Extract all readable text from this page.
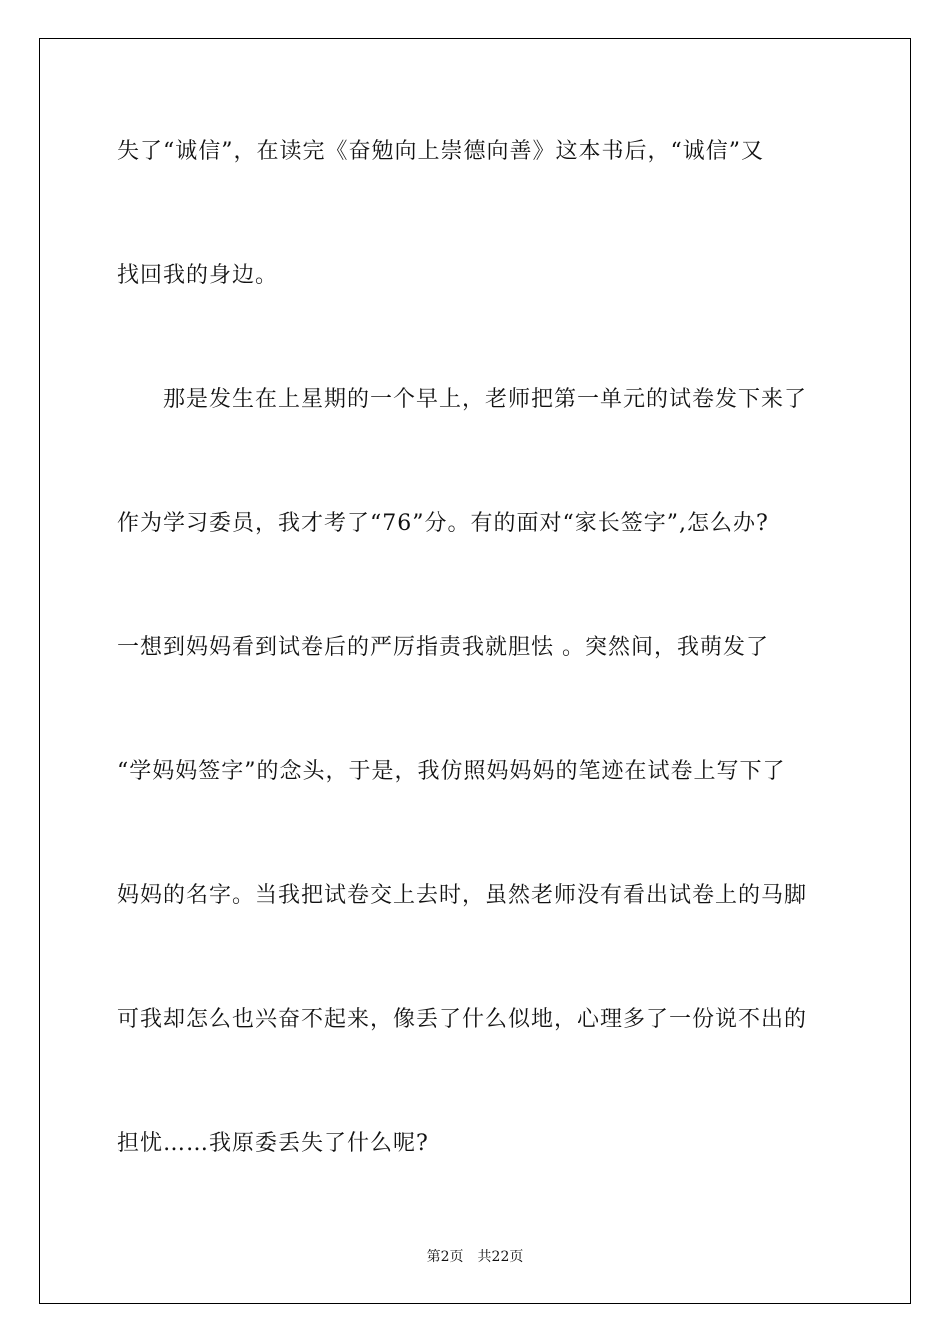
失了“诚信”，在读完《奋勉向上崇德向善》这本书后，“诚信”又
找回我的身边。
那是发生在上星期的一个早上，老师把第一单元的试卷发下来了
作为学习委员，我才考了“76”分。有的面对“家长签字”,怎么办?
一想到妈妈看到试卷后的严厉指责我就胆怯 。突然间，我萌发了
“学妈妈签字”的念头，于是，我仿照妈妈妈的笔迹在试卷上写下了
妈妈的名字。当我把试卷交上去时，虽然老师没有看出试卷上的马脚
可我却怎么也兴奋不起来，像丢了什么似地，心理多了一份说不出的
担忧……我原委丢失了什么呢?
第2页 共22页
